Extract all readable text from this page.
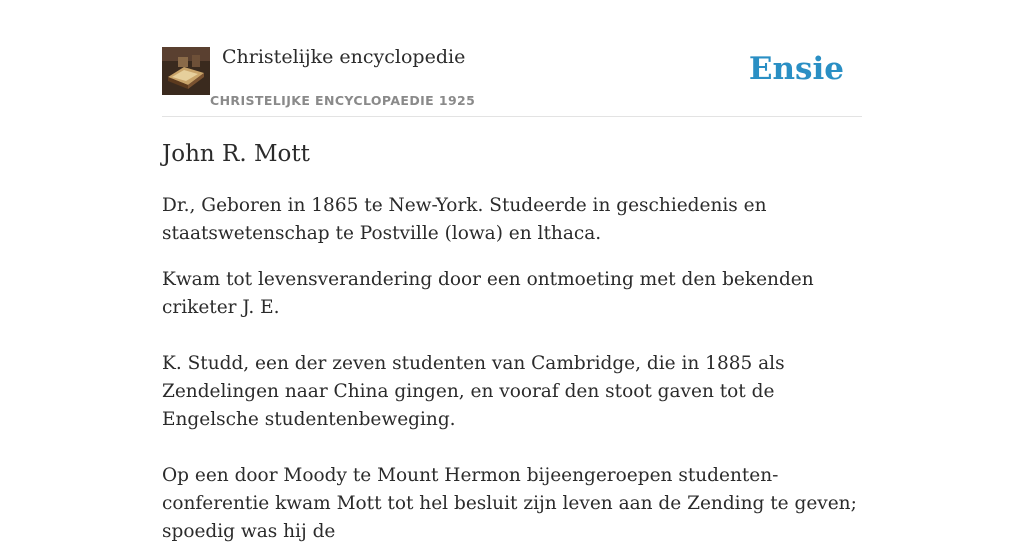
Christelijke encyclopedie
CHRISTELIJKE ENCYCLOPAEDIE 1925
Ensie
John R. Mott

Dr., Geboren in 1865 te New-York. Studeerde in geschiedenis en staatswetenschap te Postville (lowa) en lthaca.

Kwam tot levensverandering door een ontmoeting met den bekenden criketer J. E.

K. Studd, een der zeven studenten van Cambridge, die in 1885 als Zendelingen naar China gingen, en vooraf den stoot gaven tot de Engelsche studentenbeweging.

Op een door Moody te Mount Hermon bijeengeroepen studenten-conferentie kwam Mott tot hel besluit zijn leven aan de Zending te geven; spoedig was hij de
